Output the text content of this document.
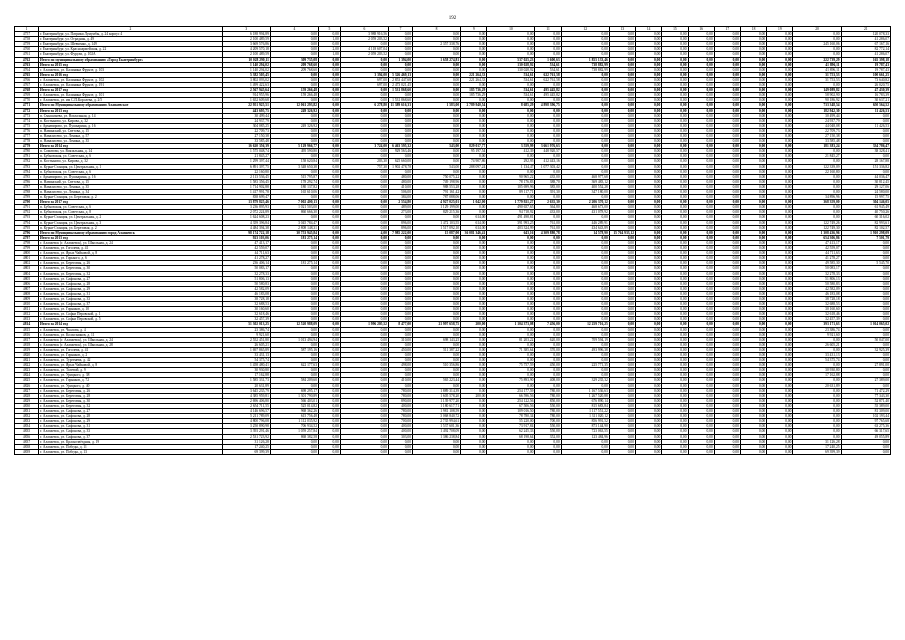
192
1	2	3	4	5	6	7	8	9	10	11	12	13	14	15	16	17	18	19	20	21
4757	г. Екатеринбург, ул. Патрики Лумумбы, д. 24 корпус 4	6 188 994,89	0,00	0,00	3 988 916,56	0,00	0,00	0,00	0,00	0,00	0,00	0,00	0,00	0,00	0,00	0,00	0,00	0,00	0,00	120 078,33
4758	г. Екатеринбург, ул. Отрадная, д. 49	2 100 489,59	0,00	1,00	2 059 203,52	0,00	0,00	0,00	0,00	0,00	0,00	0,00	0,00	0,00	0,00	0,00	0,00	0,00	0,00	41 286,07
4759	г. Екатеринбург, ул. Шевченко, д. 149	3 669 576,86	0,00	0,00	0,00	0,00	2 357 338,76	0,00	0,00	0,00	0,00	0,00	0,00	0,00	0,00	0,00	0,00	0,00	245 160,06	67 167,16
4760	г. Екатеринбург, ул. Красноармейская, д. 22	4 209 570,18	0,00	2,00	4 118 607,04	0,00	0,00	0,00	0,00	0,00	0,00	0,00	0,00	0,00	0,00	0,00	0,00	0,00	0,00	82 772,14
4761	г. Екатеринбург, ул. Фурули, д. 102А	2 100 489,59	0,00	1,00	2 059 203,52	0,00	0,00	0,00	0,00	0,00	0,00	0,00	0,00	0,00	0,00	0,00	0,00	0,00	0,00	41 286,07
4762	Итого по муниципальному образованию «Город Екатеринбург»	10 028 290,11	309 735,08	0,00	0,00	1 394,00	1 658 274,81	0,00	537 025,23	1 600,63	1 855 133,46	0,00	0,00	0,00	0,00	0,00	0,00	0,00	222 739,29	165 398,18
4763	Итого за 2015 год	1 140 294,02	209 768,60	0,00	0,00	0,00	0,00	0,00	130 028,92	534,61	738 882,99	0,00	0,00	0,00	0,00	0,00	0,00	0,00	41 896,11	19 787,43
4764	г. Алапаевск, ул. Калинина Фрунзе, д. 103	1 140 294,02	209 768,60	0,00	0,00	0,00	0,00	0,00	130 028,92	534,61	738 882,99	0,00	0,00	0,00	0,00	0,00	0,00	0,00	41 896,11	19 787,43
4765	Итого за 2016 год	5 382 505,45	0,00	0,00	3 394,00	5 326 469,13	0,00	221 264,33	534,61	622 761,58	0,00	0,00	0,00	0,00	0,00	0,00	0,00	0,00	31 753,53	100 661,25
4766	г. Алапаевск, ул. Калинина Фрунзе, д. 102	3 802 093,02	0,00	0,00	697,00	2 853 447,68	0,00	221 264,33	534,61	622 761,58	0,00	0,00	0,00	0,00	0,00	0,00	0,00	0,00	31 753,53	73 640,82
4767	г. Алапаевск, ул. Калинина Фрунзе, д. 191	1 499 422,63	0,00	0,00	697,00	2 473 021,45	0,00	0,00	0,00	0,00	0,00	0,00	0,00	0,00	0,00	0,00	0,00	0,00	0,00	26 020,75
4768	Итого за 2017 год	2 567 945,64	159 266,48	0,00	0,00	1 531 868,60	0,00	185 736,29	534,61	495 445,82	0,00	0,00	0,00	0,00	0,00	0,00	0,00	0,00	149 089,82	47 430,39
4769	г. Алапаевск, ул. Калинина Фрунзе, д. 101	914 955,96	159 266,48	0,00	0,00	0,00	0,00	185 736,29	534,61	495 445,82	0,00	0,00	0,00	0,00	0,00	0,00	0,00	0,00	58 902,90	16 783,39
4770	г. Алапаевск, ул. им С.П.Королева, д. 2/5	1 652 609,68	0,00	0,00	0,00	1 531 868,60	0,00	0,00	0,00	0,00	0,00	0,00	0,00	0,00	0,00	0,00	0,00	0,00	90 186,92	30 637,21
4771	Итого по Муниципальному образованию Алапаевское	22 951 925,51	12 061 293,82	0,00	6 278,80	11 389 616,33	1 583,00	2 789 940,54	8 685,29	4 898 396,75	0,00	0,00	0,00	0,00	0,00	0,00	0,00	0,00	733 348,54	650 564,52
4772	Итого за 2013 год	443 695,75	249 326,92	0,00	0,00	0,00	0,00	0,00	0,00	0,00	0,00	0,00	0,00	0,00	0,00	0,00	0,00	0,00	182 942,30	11 426,53
4773	п. Смышляева, ул. Вокзальная, д. 14	30 499,44	0,00	0,00	0,00	0,00	0,00	0,00	0,00	0,00	0,00	0,00	0,00	0,00	0,00	0,00	0,00	0,00	30 499,44	0,00
4774	п. Костыново, ул. Кирова, д. 32	24 937,79	0,00	0,00	0,00	0,00	0,00	0,00	0,00	0,00	0,00	0,00	0,00	0,00	0,00	0,00	0,00	0,00	24 937,79	0,00
4775	г. Армавирово, ул. Пушкарина, д. 16	304 085,25	249 326,92	0,00	0,00	0,00	0,00	0,00	0,00	0,00	0,00	0,00	0,00	0,00	0,00	0,00	0,00	0,00	44 048,08	11 426,53
4776	п. Навинский, ул. Светова, д. 15	22 709,73	0,00	0,00	0,00	0,00	0,00	0,00	0,00	0,00	0,00	0,00	0,00	0,00	0,00	0,00	0,00	0,00	22 709,73	0,00
4777	п. Навалисево, ул. Ленина, д. 57	27 150,38	0,00	0,00	0,00	0,00	0,00	0,00	0,00	0,00	0,00	0,00	0,00	0,00	0,00	0,00	0,00	0,00	27 150,38	0,00
4778	п. Навалисево, ул. Ленина, д. 35	33 585,48	0,00	0,00	0,00	0,00	0,00	0,00	0,00	0,00	0,00	0,00	0,00	0,00	0,00	0,00	0,00	0,00	33 585,48	0,00
4779	Итого за 2014 год	16 620 356,39	5 129 966,77	0,00	3 724,00	6 463 595,32	543,00	829 017,77	3 559,99	3 661 976,63	0,00	0,00	0,00	0,00	0,00	0,00	0,00	0,00	181 383,24	334 786,47
4780	п. Соматово, ул. Вокзальная, д. 14	1 575 048,74	495 590,80	0,00	0,00	929 563,46	0,00	95 197,54	412,39	448 920,57	0,00	0,00	0,00	0,00	0,00	0,00	0,00	0,00	0,00	38 328,41
4781	п. Бубновская, ул. Советская, д. 6	21 845,27	0,00	0,00	0,00	0,00	0,00	0,00	0,00	0,00	0,00	0,00	0,00	0,00	0,00	0,00	0,00	0,00	21 845,27	0,00
4782	п. Костыново, ул. Кирова, д. 32	1 299 397,44	158 620,84	0,00	203,30	625 660,00	0,00	74 907,86	292,95	412 443,16	0,00	0,00	0,00	0,00	0,00	0,00	0,00	0,00	0,00	28 167,88
4783	п. Курьи-Станция, ул. Центральная, д. 1	6 891 397,75	3 348 650,38	0,00	757,30	1 902 478,78	543,00	288 097,24	1 134,47	1 077 303,42	0,00	0,00	0,00	0,00	0,00	0,00	0,00	0,00	122 339,09	151 336,82
4784	п. Бубновская, ул. Советская, д. 6	22 160,80	0,00	0,00	0,00	0,00	0,00	0,00	0,00	0,00	0,00	0,00	0,00	0,00	0,00	0,00	0,00	0,00	22 160,80	0,00
4785	г. Армавирово, ул. Пушкарина, д. 16	2 113 536,45	515 795,87	0,00	0,00	480,00	750 075,22	0,00	90 965,22	435,00	468 977,68	0,00	0,00	0,00	0,00	0,00	0,00	0,00	0,00	44 036,47
4786	п. Навинский, ул. Светова, д. 15	1 583 356,45	178 292,74	0,00	0,00	480,00	749 198,96	0,00	78 176,83	388,70	369 483,12	0,00	0,00	0,00	0,00	0,00	0,00	0,00	0,00	30 812,45
4787	п. Навалисево, ул. Ленина, д. 35	1 714 902,88	180 137,82	0,00	0,00	410,00	988 553,28	0,00	105 699,96	385,00	400 552,28	0,00	0,00	0,00	0,00	0,00	0,00	0,00	0,00	29 127,06
4788	п. Навалисево, ул. Ленина, д. 34	1 417 991,78	165 610,06	0,00	0,00	506,00	791 161,42	0,00	89 117,71	391,30	347 180,00	0,00	0,00	0,00	0,00	0,00	0,00	0,00	0,00	24 580,00
4789	п. Курьи-Станция, ул. Березовая, д. 2	838 699,47	0,00	0,00	0,00	384,00	787 088,06	0,00	0,00	0,00	0,00	0,00	0,00	0,00	0,00	0,00	0,00	0,00	34 896,96	15 997,75
4790	Итого за 2017 год	13 879 825,46	7 002 400,13	0,00	0,00	2 554,80	4 927 025,01	1 042,00	1 779 921,27	2 635,30	2 206 370,12	0,00	0,00	0,00	0,00	0,00	0,00	0,00	368 359,00	304 146,05
4791	п. Бубновская, ул. Советская, д. 6	3 236 895,93	1 021 503,00	0,00	0,00	489,00	1 129 199,00	0,00	490 657,65	364,80	468 673,00	0,00	0,00	0,00	0,00	0,00	0,00	0,00	0,00	61 945,49
4792	п. Бубновская, ул. Советская, д. 8	2 072 224,89	860 666,30	0,00	0,00	273,00	829 215,36	0,00	94 718,92	433,00	431 078,92	0,00	0,00	0,00	0,00	0,00	0,00	0,00	0,00	40 750,26
4793	п. Курьи-Станция, ул. Центральная, д. 2	1 624 608,23	0,00	0,00	0,00	0,00	0,00	614,00	491 498,81	0,00	0,00	0,00	0,00	0,00	0,00	0,00	0,00	0,00	0,00	60 316,02
4794	п. Курьи-Станция, ул. Центральная, д. 3	4 359 396,84	3 045 784,47	0,00	0,00	896,00	1 472 103,55	614,00	391 993,25	761,00	446 289,91	0,00	0,00	0,00	0,00	0,00	0,00	0,00	122 749,26	82 993,61
4795	п. Курьи-Станция, ул. Березовая, д. 2	4 484 394,38	2 808 148,31	0,00	0,00	896,00	1 517 092,10	614,00	403 324,99	761,00	434 643,89	0,00	0,00	0,00	0,00	0,00	0,00	0,00	122 749,30	82 102,57
4796	Итого по Муниципальному образованию город Алапаевск	98 174 722,18	30 753 945,84	0,00	4,00	7 985 222,00	15 087,00	36 081 346,41	643,16	4 309 880,78	14 578,90	15 764 933,12	0,00	0,00	0,00	0,00	0,00	0,00	1 308 436,96	1 910 298,09
4797	Итого за 2013 год	923 103,06	181 275,14	0,00	0,00	0,00	0,00	0,00	0,00	0,00	0,00	0,00	0,00	0,00	0,00	0,00	0,00	0,00	654 306,86	7 501,79
4798	г. Алапаевск (г. Алапаевск), ул. Школьная, д. 24	47 413,17	0,00	0,00	0,00	0,00	0,00	0,00	0,00	0,00	0,00	0,00	0,00	0,00	0,00	0,00	0,00	0,00	47 413,17	0,00
4799	г. Алапаевск, ул. Гоголева, д. 41	42 559,07	0,00	0,00	0,00	0,00	0,00	0,00	0,00	0,00	0,00	0,00	0,00	0,00	0,00	0,00	0,00	0,00	42 559,07	0,00
4800	г. Алапаевск, ул. Ярых Чайковой, д. 8	44 711,63	0,00	0,00	0,00	0,00	0,00	0,00	0,00	0,00	0,00	0,00	0,00	0,00	0,00	0,00	0,00	0,00	44 711,63	0,00
4801	г. Алапаевск, ул. Горького, д. 6	41 278,27	0,00	0,00	0,00	0,00	0,00	0,00	0,00	0,00	0,00	0,00	0,00	0,00	0,00	0,00	0,00	0,00	41 278,27	0,00
4802	г. Алапаевск, ул. Береговая, д. 26	236 406,14	181 275,14	0,00	0,00	0,00	0,00	0,00	0,00	0,00	0,00	0,00	0,00	0,00	0,00	0,00	0,00	0,00	49 585,30	5 545,70
4803	г. Алапаевск, ул. Береговая, д. 30	50 083,17	0,00	0,00	0,00	0,00	0,00	0,00	0,00	0,00	0,00	0,00	0,00	0,00	0,00	0,00	0,00	0,00	50 083,17	0,00
4804	г. Алапаевск, ул. Береговая, д. 32	32 278,33	0,00	0,00	0,00	0,00	0,00	0,00	0,00	0,00	0,00	0,00	0,00	0,00	0,00	0,00	0,00	0,00	32 278,33	0,00
4805	г. Алапаевск, ул. Сафонова, д. 27	51 806,13	0,00	0,00	0,00	0,00	0,00	0,00	0,00	0,00	0,00	0,00	0,00	0,00	0,00	0,00	0,00	0,00	51 806,13	0,00
4806	г. Алапаевск, ул. Сафонова, д. 28	50 580,83	0,00	0,00	0,00	0,00	0,00	0,00	0,00	0,00	0,00	0,00	0,00	0,00	0,00	0,00	0,00	0,00	50 580,83	0,00
4807	г. Алапаевск, ул. Сафонова, д. 29	42 582,09	0,00	0,00	0,00	0,00	0,00	0,00	0,00	0,00	0,00	0,00	0,00	0,00	0,00	0,00	0,00	0,00	42 582,09	0,00
4808	г. Алапаевск, ул. Сафонова, д. 31	46 183,08	0,00	0,00	0,00	0,00	0,00	0,00	0,00	0,00	0,00	0,00	0,00	0,00	0,00	0,00	0,00	0,00	46 183,08	0,00
4809	г. Алапаевск, ул. Сафонова, д. 33	38 728,18	0,00	0,00	0,00	0,00	0,00	0,00	0,00	0,00	0,00	0,00	0,00	0,00	0,00	0,00	0,00	0,00	38 728,18	0,00
4810	г. Алапаевск, ул. Сафонова, д. 37	32 688,53	0,00	0,00	0,00	0,00	0,00	0,00	0,00	0,00	0,00	0,00	0,00	0,00	0,00	0,00	0,00	0,00	32 688,53	0,00
4811	г. Алапаевск, ул. Горняков, д. 10	30 160,60	0,00	0,00	0,00	0,00	0,00	0,00	0,00	0,00	0,00	0,00	0,00	0,00	0,00	0,00	0,00	0,00	30 160,60	0,00
4812	г. Алапаевск, ул. Софьи Перовской, д. 1	32 618,46	0,00	0,00	0,00	0,00	0,00	0,00	0,00	0,00	0,00	0,00	0,00	0,00	0,00	0,00	0,00	0,00	32 618,46	0,00
4813	г. Алапаевск, ул. Софьи Перовской, д. 5	32 457,39	0,00	0,00	0,00	0,00	0,00	0,00	0,00	0,00	0,00	0,00	0,00	0,00	0,00	0,00	0,00	0,00	32 457,39	0,00
4814	Итого за 2014 год	51 302 013,25	12 520 988,09	0,00	1 996 205,52	8 477,00	21 997 658,75	200,00	1 104 373,08	7 456,00	12 259 716,25	0,00	0,00	0,00	0,00	0,00	0,00	0,00	393 171,63	1 014 065,02
4815	г. Алапаевск, ул. Чкалова, д. 4	23 386,74	0,00	0,00	0,00	0,00	0,00	0,00	0,00	0,00	0,00	0,00	0,00	0,00	0,00	0,00	0,00	0,00	23 386,74	0,00
4816	г. Алапаевск, ул. Колхозников, д. 11	9 921,60	0,00	0,00	0,00	0,00	0,00	0,00	0,00	0,00	0,00	0,00	0,00	0,00	0,00	0,00	0,00	0,00	9 921,60	0,00
4817	г. Алапаевск (г. Алапаевск), ул. Школьная, д. 24	2 552 451,80	1 013 494,94	0,00	0,00	310,00	698 143,25	0,00	81 203,22	620,00	709 594,19	0,00	0,00	0,00	0,00	0,00	0,00	0,00	0,00	50 047,00
4818	г. Алапаевск (г. Алапаевск), ул. Школьная, д. 28	26 605,21	0,00	0,00	0,00	0,00	0,00	0,00	0,00	0,00	0,00	0,00	0,00	0,00	0,00	0,00	0,00	0,00	26 605,21	0,00
4819	г. Алапаевск, ул. Гоголева, д. 41	1 697 865,89	587 195,16	0,00	0,00	450,00	511 387,22	0,00	71 385,64	370,00	493 996,38	0,00	0,00	0,00	0,00	0,00	0,00	0,00	0,00	32 925,39
4820	г. Алапаевск, ул. Горняков, д. 2	33 431,13	0,00	0,00	0,00	0,00	0,00	0,00	0,00	0,00	0,00	0,00	0,00	0,00	0,00	0,00	0,00	0,00	33 431,13	0,00
4821	г. Алапаевск, ул. Тургенева, д. 42	54 375,74	0,00	0,00	0,00	0,00	0,00	0,00	0,00	0,00	0,00	0,00	0,00	0,00	0,00	0,00	0,00	0,00	54 375,74	0,00
4822	г. Алапаевск, ул. Ярых Чайковой, д. 8	1 458 480,41	622 177,63	0,00	0,00	498,00	510 356,86	0,00	75 757,59	450,00	225 771,35	0,00	0,00	0,00	0,00	0,00	0,00	0,00	0,00	27 891,00
4823	г. Алапаевск, ул. Толевой, д. 9	30 930,80	0,00	0,00	0,00	0,00	0,00	0,00	0,00	0,00	0,00	0,00	0,00	0,00	0,00	0,00	0,00	0,00	30 930,80	0,00
4824	г. Алапаевск, ул. Урицкого, д. 38	17 162,88	0,00	0,00	0,00	0,00	0,00	0,00	0,00	0,00	0,00	0,00	0,00	0,00	0,00	0,00	0,00	0,00	17 162,88	0,00
4825	г. Алапаевск, ул. Горняков, д. 72	1 585 331,73	584 209,60	0,00	0,00	410,00	565 223,44	0,00	75 893,90	408,00	329 235,32	0,00	0,00	0,00	0,00	0,00	0,00	0,00	0,00	27 389,00
4826	г. Алапаевск, ул. Урицкого, д. 40	20 631,89	0,00	0,00	0,00	0,00	0,00	0,00	0,00	0,00	0,00	0,00	0,00	0,00	0,00	0,00	0,00	0,00	20 631,89	0,00
4827	г. Алапаевск, ул. Береговая, д. 26	3 645 235,79	698 295,17	0,00	0,00	780,00	1 889 314,39	0,00	254 177,59	780,00	1 167 536,63	0,00	0,00	0,00	0,00	0,00	0,00	0,00	0,00	71 472,29
4828	г. Алапаевск, ул. Береговая, д. 28	4 385 959,81	1 301 790,89	0,00	0,00	780,00	1 605 578,20	200,00	66 596,56	780,00	1 267 520,88	0,00	0,00	0,00	0,00	0,00	0,00	0,00	0,00	77 343,30
4829	г. Алапаевск, ул. Береговая, д. 30	2 696 406,80	566 403,01	0,00	0,00	890,00	1 139 977,20	0,00	254 122,56	850,00	676 890,14	0,00	0,00	0,00	0,00	0,00	0,00	0,00	0,00	52 871,40
4830	г. Алапаевск, ул. Береговая, д. 32	2 654 711,55	525 014,82	0,00	0,00	400,00	1 180 617,71	0,00	67 506,56	550,00	815 683,84	0,00	0,00	0,00	0,00	0,00	0,00	0,00	0,00	55 389,00
4831	г. Алапаевск, ул. Сафонова, д. 27	4 146 696,57	968 362,26	0,00	0,00	780,00	1 981 108,59	0,00	109 016,50	780,00	1 117 551,22	0,00	0,00	0,00	0,00	0,00	0,00	0,00	0,00	81 309,00
4832	г. Алапаевск, ул. Сафонова, д. 28	5 211 789,09	615 756,48	0,00	0,00	780,00	3 068 840,72	0,00	78 780,34	780,00	1 311 020,12	0,00	0,00	0,00	0,00	0,00	0,00	0,00	0,00	102 193,44
4833	г. Алапаевск, ул. Сафонова, д. 29	4 800 796,08	1 112 035,92	0,00	0,00	700,00	2 735 994,61	0,00	55 220,00	700,00	856 991,52	0,00	0,00	0,00	0,00	0,00	0,00	0,00	0,00	97 765,68
4834	г. Алапаевск, ул. Сафонова, д. 31	3 250 890,98	706 934,52	0,00	0,00	400,00	1 537 601,36	0,00	73 917,84	550,00	873 144,90	0,00	0,00	0,00	0,00	0,00	0,00	0,00	0,00	63 275,36
4835	г. Алапаевск, ул. Сафонова, д. 33	3 393 291,46	1 059 257,84	0,00	0,00	400,00	1 492 708,09	0,00	62 245,33	550,00	723 063,55	0,00	0,00	0,00	0,00	0,00	0,00	0,00	0,00	66 317,65
4836	г. Алапаевск, ул. Сафонова, д. 37	2 531 723,92	868 382,58	0,00	0,00	303,00	1 386 238,84	0,00	68 198,64	352,00	123 484,96	0,00	0,00	0,00	0,00	0,00	0,00	0,00	0,00	49 055,89
4837	г. Алапаевск, ул. Краснозвёздная, д. 19	31 126,28	0,00	0,00	0,00	0,00	0,00	0,00	0,00	0,00	0,00	0,00	0,00	0,00	0,00	0,00	0,00	0,00	31 126,28	0,00
4838	г. Алапаевск, ул. Победы, д. 11	17 240,25	0,00	0,00	0,00	0,00	0,00	0,00	0,00	0,00	0,00	0,00	0,00	0,00	0,00	0,00	0,00	0,00	17 240,25	0,00
4839	г. Алапаевск, ул. Победы, д. 13	69 399,39	0,00	0,00	0,00	0,00	0,00	0,00	0,00	0,00	0,00	0,00	0,00	0,00	0,00	0,00	0,00	0,00	69 399,39	0,00
